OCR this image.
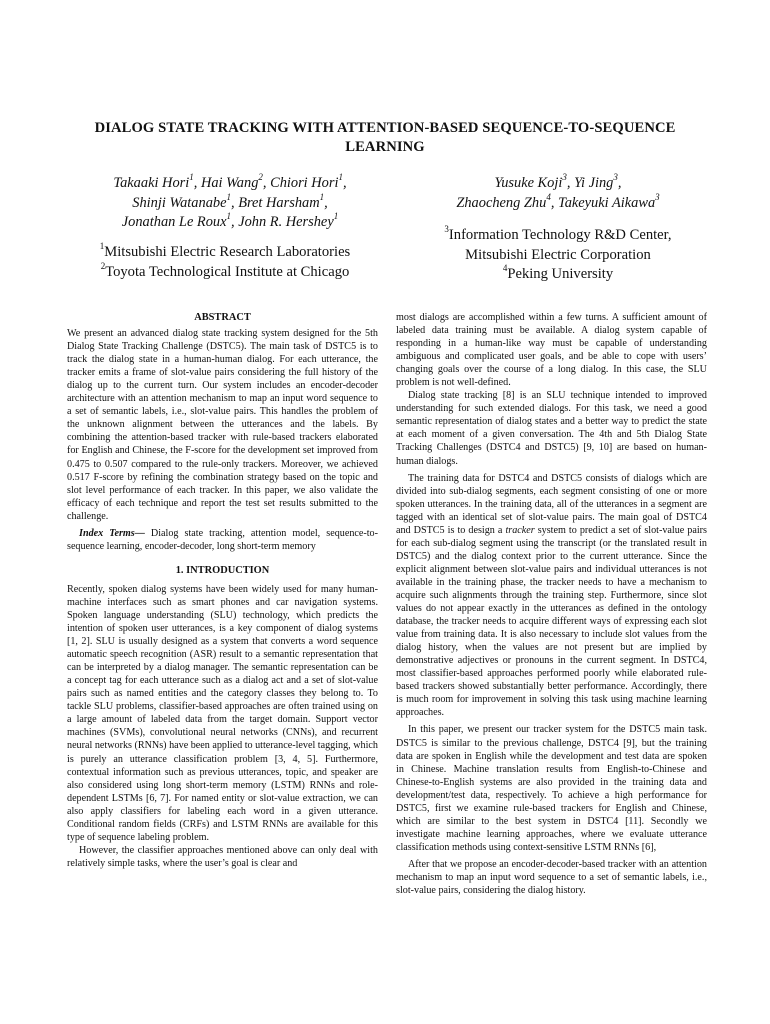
DIALOG STATE TRACKING WITH ATTENTION-BASED SEQUENCE-TO-SEQUENCE LEARNING
Takaaki Hori$^1$, Hai Wang$^2$, Chiori Hori$^1$,
Shinji Watanabe$^1$, Bret Harsham$^1$,
Jonathan Le Roux$^1$, John R. Hershey$^1$
Yusuke Koji$^3$, Yi Jing$^3$,
Zhaocheng Zhu$^4$, Takeyuki Aikawa$^3$
$^1$Mitsubishi Electric Research Laboratories
$^2$Toyota Technological Institute at Chicago
$^3$Information Technology R&D Center,
Mitsubishi Electric Corporation
$^4$Peking University
ABSTRACT

We present an advanced dialog state tracking system designed for the 5th Dialog State Tracking Challenge (DSTC5). The main task of DSTC5 is to track the dialog state in a human-human dialog. For each utterance, the tracker emits a frame of slot-value pairs considering the full history of the dialog up to the current turn. Our system includes an encoder-decoder architecture with an attention mechanism to map an input word sequence to a set of semantic labels, i.e., slot-value pairs. This handles the problem of the unknown alignment between the utterances and the labels. By combining the attention-based tracker with rule-based trackers elaborated for English and Chinese, the F-score for the development set improved from 0.475 to 0.507 compared to the rule-only trackers. Moreover, we achieved 0.517 F-score by refining the combination strategy based on the topic and slot level performance of each tracker. In this paper, we also validate the efficacy of each technique and report the test set results submitted to the challenge.

Index Terms— Dialog state tracking, attention model, sequence-to-sequence learning, encoder-decoder, long short-term memory

1. INTRODUCTION

Recently, spoken dialog systems have been widely used for many human-machine interfaces such as smart phones and car navigation systems. Spoken language understanding (SLU) technology, which predicts the intention of spoken user utterances, is a key component of dialog systems [1, 2]. SLU is usually designed as a system that converts a word sequence automatic speech recognition (ASR) result to a semantic representation that can be interpreted by a dialog manager. The semantic representation can be a concept tag for each utterance such as a dialog act and a set of slot-value pairs such as named entities and the category classes they belong to. To tackle SLU problems, classifier-based approaches are often trained using on a large amount of labeled data from the target domain. Support vector machines (SVMs), convolutional neural networks (CNNs), and recurrent neural networks (RNNs) have been applied to utterance-level tagging, which is purely an utterance classification problem [3, 4, 5]. Furthermore, contextual information such as previous utterances, topic, and speaker are also considered using long short-term memory (LSTM) RNNs and role-dependent LSTMs [6, 7]. For named entity or slot-value extraction, we can also apply classifiers for labeling each word in a given utterance. Conditional random fields (CRFs) and LSTM RNNs are available for this type of sequence labeling problem.

However, the classifier approaches mentioned above can only deal with relatively simple tasks, where the user’s goal is clear and

most dialogs are accomplished within a few turns. A sufficient amount of labeled data training must be available. A dialog system capable of responding in a human-like way must be capable of understanding ambiguous and complicated user goals, and be able to cope with users’ changing goals over the course of a long dialog. In this case, the SLU problem is not well-defined.

Dialog state tracking [8] is an SLU technique intended to improved understanding for such extended dialogs. For this task, we need a good semantic representation of dialog states and a better way to predict the state at each moment of a given conversation. The 4th and 5th Dialog State Tracking Challenges (DSTC4 and DSTC5) [9, 10] are based on human-human dialogs.

The training data for DSTC4 and DSTC5 consists of dialogs which are divided into sub-dialog segments, each segment consisting of one or more spoken utterances. In the training data, all of the utterances in a segment are tagged with an identical set of slot-value pairs. The main goal of DSTC4 and DSTC5 is to design a tracker system to predict a set of slot-value pairs for each sub-dialog segment using the transcript (or the translated result in DSTC5) and the dialog context prior to the current utterance. Since the explicit alignment between slot-value pairs and individual utterances is not available in the training phase, the tracker needs to have a mechanism to acquire such alignments through the training step. Furthermore, since slot values do not appear exactly in the utterances as defined in the ontology database, the tracker needs to acquire different ways of expressing each slot value from training data. It is also necessary to include slot values from the dialog history, when the values are not present but are implied by demonstrative adjectives or pronouns in the current segment. In DSTC4, most classifier-based approaches performed poorly while elaborated rule-based trackers showed substantially better performance. Accordingly, there is much room for improvement in solving this task using machine learning approaches.

In this paper, we present our tracker system for the DSTC5 main task. DSTC5 is similar to the previous challenge, DSTC4 [9], but the training data are spoken in English while the development and test data are spoken in Chinese. Machine translation results from English-to-Chinese and Chinese-to-English systems are also provided in the training data and development/test data, respectively. To achieve a high performance for DSTC5, first we examine rule-based trackers for English and Chinese, which are similar to the best system in DSTC4 [11]. Secondly we investigate machine learning approaches, where we evaluate utterance classification methods using context-sensitive LSTM RNNs [6],

After that we propose an encoder-decoder-based tracker with an attention mechanism to map an input word sequence to a set of semantic labels, i.e., slot-value pairs, considering the dialog history.
